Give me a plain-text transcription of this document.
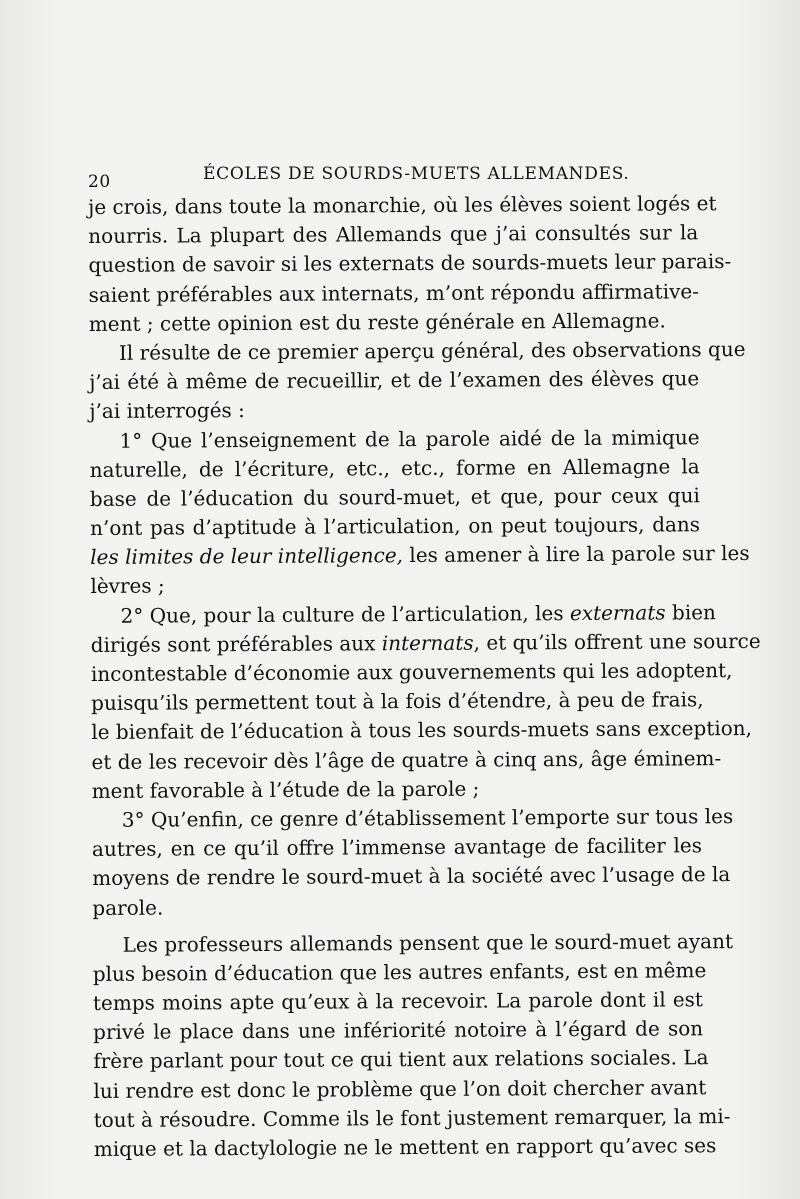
20	ÉCOLES DE SOURDS-MUETS ALLEMANDES.
je crois, dans toute la monarchie, où les élèves soient logés et
nourris. La plupart des Allemands que j’ai consultés sur la
question de savoir si les externats de sourds-muets leur parais-
saient préférables aux internats, m’ont répondu affirmative-
ment ; cette opinion est du reste générale en Allemagne.
Il résulte de ce premier aperçu général, des observations que
j’ai été à même de recueillir, et de l’examen des élèves que
j’ai interrogés :
1° Que l’enseignement de la parole aidé de la mimique
naturelle, de l’écriture, etc., etc., forme en Allemagne la
base de l’éducation du sourd-muet, et que, pour ceux qui
n’ont pas d’aptitude à l’articulation, on peut toujours, dans
les limites de leur intelligence, les amener à lire la parole sur les
lèvres ;
2° Que, pour la culture de l’articulation, les externats bien
dirigés sont préférables aux internats, et qu’ils offrent une source
incontestable d’économie aux gouvernements qui les adoptent,
puisqu’ils permettent tout à la fois d’étendre, à peu de frais,
le bienfait de l’éducation à tous les sourds-muets sans exception,
et de les recevoir dès l’âge de quatre à cinq ans, âge éminem-
ment favorable à l’étude de la parole ;
3° Qu’enfin, ce genre d’établissement l’emporte sur tous les
autres, en ce qu’il offre l’immense avantage de faciliter les
moyens de rendre le sourd-muet à la société avec l’usage de la
parole.
Les professeurs allemands pensent que le sourd-muet ayant
plus besoin d’éducation que les autres enfants, est en même
temps moins apte qu’eux à la recevoir. La parole dont il est
privé le place dans une infériorité notoire à l’égard de son
frère parlant pour tout ce qui tient aux relations sociales. La
lui rendre est donc le problème que l’on doit chercher avant
tout à résoudre. Comme ils le font justement remarquer, la mi-
mique et la dactylologie ne le mettent en rapport qu’avec ses
